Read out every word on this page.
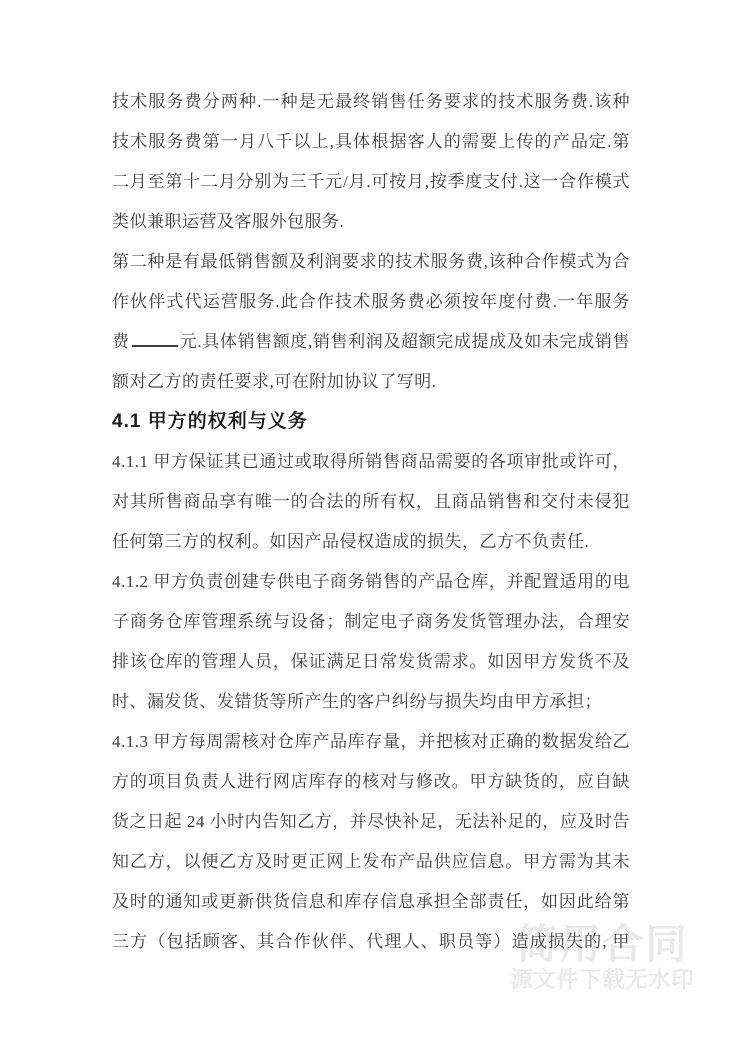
简用合同
源文件下载无水印
技术服务费分两种.一种是无最终销售任务要求的技术服务费.该种
技术服务费第一月八千以上,具体根据客人的需要上传的产品定.第
二月至第十二月分别为三千元/月.可按月,按季度支付.这一合作模式
类似兼职运营及客服外包服务.
第二种是有最低销售额及利润要求的技术服务费,该种合作模式为合
作伙伴式代运营服务.此合作技术服务费必须按年度付费.一年服务
费	元.具体销售额度,销售利润及超额完成提成及如未完成销售
额对乙方的责任要求,可在附加协议了写明.
4.1 甲方的权利与义务
4.1.1 甲方保证其已通过或取得所销售商品需要的各项审批或许可，
对其所售商品享有唯一的合法的所有权，且商品销售和交付未侵犯
任何第三方的权利。如因产品侵权造成的损失，乙方不负责任.
4.1.2 甲方负责创建专供电子商务销售的产品仓库，并配置适用的电
子商务仓库管理系统与设备；制定电子商务发货管理办法，合理安
排该仓库的管理人员，保证满足日常发货需求。如因甲方发货不及
时、漏发货、发错货等所产生的客户纠纷与损失均由甲方承担；
4.1.3 甲方每周需核对仓库产品库存量，并把核对正确的数据发给乙
方的项目负责人进行网店库存的核对与修改。甲方缺货的，应自缺
货之日起 24 小时内告知乙方，并尽快补足，无法补足的，应及时告
知乙方，以便乙方及时更正网上发布产品供应信息。甲方需为其未
及时的通知或更新供货信息和库存信息承担全部责任，如因此给第
三方（包括顾客、其合作伙伴、代理人、职员等）造成损失的, 甲
